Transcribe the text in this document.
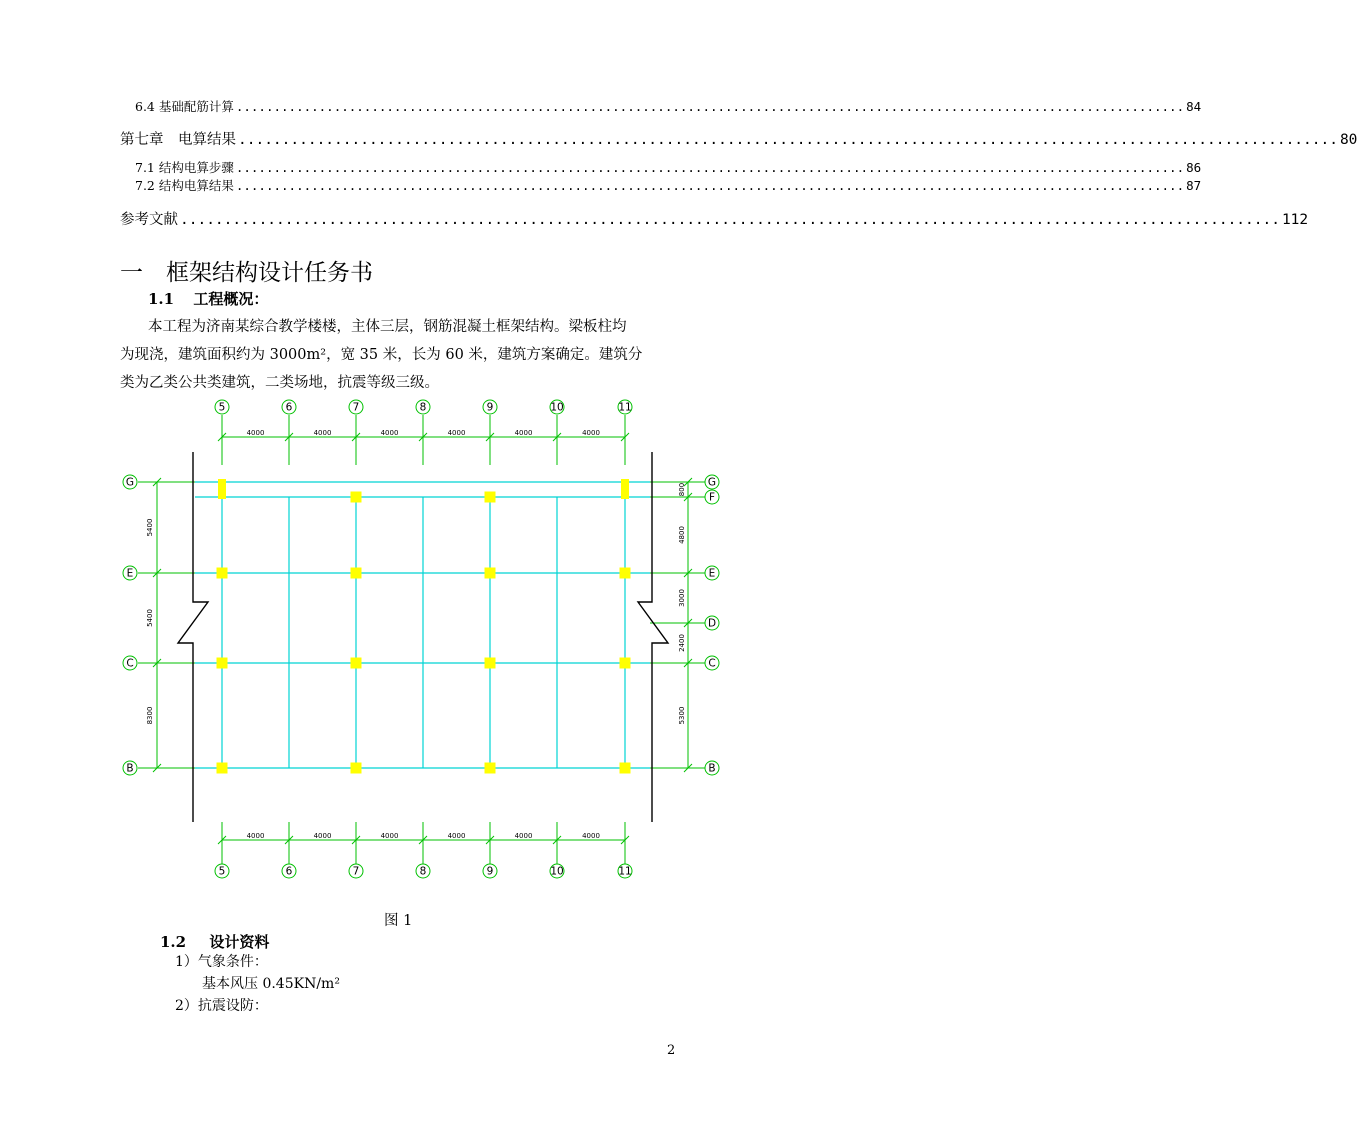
6.4 基础配筋计算 .............................................................................................................................. 84
第七章　电算结果 .............................................................................................................................. 80
7.1 结构电算步骤 .............................................................................................................................. 86
7.2 结构电算结果 .............................................................................................................................. 87
参考文献 .............................................................................................................................. 112
一　框架结构设计任务书
1.1 工程概况：
本工程为济南某综合教学楼楼，主体三层，钢筋混凝土框架结构。梁板柱均
为现浇，建筑面积约为 3000m²，宽 35 米，长为 60 米，建筑方案确定。建筑分
类为乙类公共类建筑，二类场地，抗震等级三级。
5	6	7	8	9	10	11
4000	4000	4000	4000	4000	4000
5	6	7	8	9	10	11
4000	4000	4000	4000	4000	4000
G
E
C
B
5400
5400
8300
G
F
E
D
C
B
800
4800
3000
2400
5300
图 1
1.2 设计资料
1）气象条件：
基本风压 0.45KN/m²
2）抗震设防：
2
